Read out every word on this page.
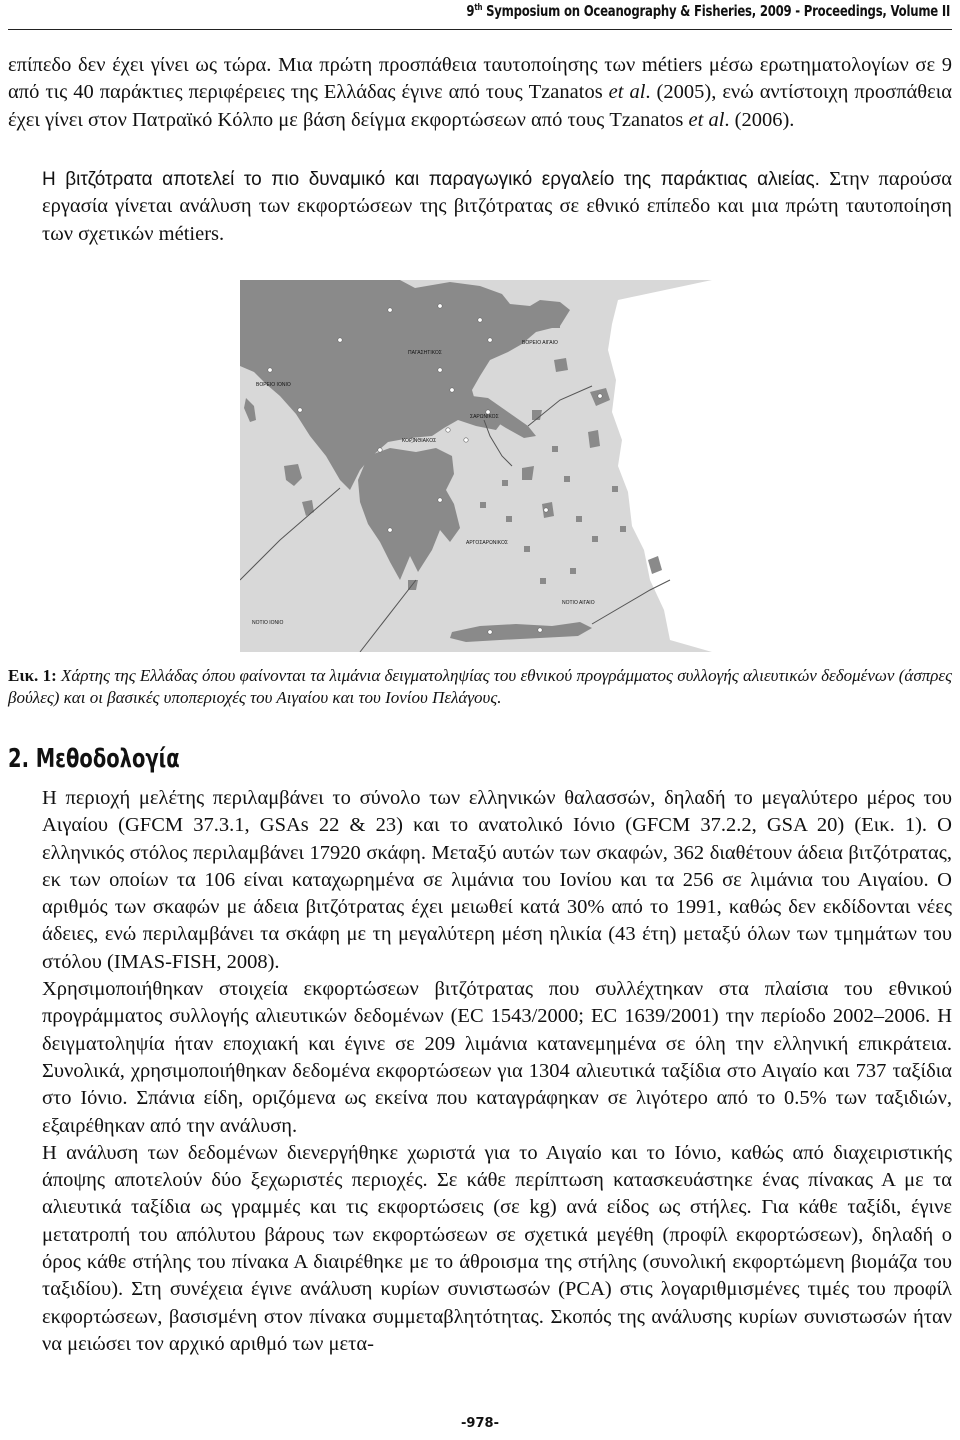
9th Symposium on Oceanography & Fisheries, 2009 - Proceedings, Volume II

επίπεδο δεν έχει γίνει ως τώρα. Μια πρώτη προσπάθεια ταυτοποίησης των métiers μέσω ερωτηματολογίων σε 9 από τις 40 παράκτιες περιφέρειες της Ελλάδας έγινε από τους Tzanatos et al. (2005), ενώ αντίστοιχη προσπάθεια έχει γίνει στον Πατραϊκό Κόλπο με βάση δείγμα εκφορτώσεων από τους Tzanatos et al. (2006).

Η βιτζότρατα αποτελεί το πιο δυναμικό και παραγωγικό εργαλείο της παράκτιας αλιείας. Στην παρούσα εργασία γίνεται ανάλυση των εκφορτώσεων της βιτζότρατας σε εθνικό επίπεδο και μια πρώτη ταυτοποίηση των σχετικών métiers.

ΒΟΡΕΙΟ ΙΟΝΙΟ
ΒΟΡΕΙΟ ΑΙΓΑΙΟ
ΠΑΓΑΣΗΤΙΚΟΣ
ΚΟΡΙΝΘΙΑΚΟΣ
ΣΑΡΩΝΙΚΟΣ
ΑΡΓΟΣΑΡΩΝΙΚΟΣ
ΝΟΤΙΟ ΙΟΝΙΟ
ΝΟΤΙΟ ΑΙΓΑΙΟ

Εικ. 1: Χάρτης της Ελλάδας όπου φαίνονται τα λιμάνια δειγματοληψίας του εθνικού προγράμματος συλλογής αλιευτικών δεδομένων (άσπρες βούλες) και οι βασικές υποπεριοχές του Αιγαίου και του Ιονίου Πελάγους.

2. Μεθοδολογία

Η περιοχή μελέτης περιλαμβάνει το σύνολο των ελληνικών θαλασσών, δηλαδή το μεγαλύτερο μέρος του Αιγαίου (GFCM 37.3.1, GSAs 22 & 23) και το ανατολικό Ιόνιο (GFCM 37.2.2, GSA 20) (Εικ. 1). Ο ελληνικός στόλος περιλαμβάνει 17920 σκάφη. Μεταξύ αυτών των σκαφών, 362 διαθέτουν άδεια βιτζότρατας, εκ των οποίων τα 106 είναι καταχωρημένα σε λιμάνια του Ιονίου και τα 256 σε λιμάνια του Αιγαίου. Ο αριθμός των σκαφών με άδεια βιτζότρατας έχει μειωθεί κατά 30% από το 1991, καθώς δεν εκδίδονται νέες άδειες, ενώ περιλαμβάνει τα σκάφη με τη μεγαλύτερη μέση ηλικία (43 έτη) μεταξύ όλων των τμημάτων του στόλου (IMAS-FISH, 2008).

Χρησιμοποιήθηκαν στοιχεία εκφορτώσεων βιτζότρατας που συλλέχτηκαν στα πλαίσια του εθνικού προγράμματος συλλογής αλιευτικών δεδομένων (EC 1543/2000; EC 1639/2001) την περίοδο 2002–2006. Η δειγματοληψία ήταν εποχιακή και έγινε σε 209 λιμάνια κατανεμημένα σε όλη την ελληνική επικράτεια. Συνολικά, χρησιμοποιήθηκαν δεδομένα εκφορτώσεων για 1304 αλιευτικά ταξίδια στο Αιγαίο και 737 ταξίδια στο Ιόνιο. Σπάνια είδη, οριζόμενα ως εκείνα που καταγράφηκαν σε λιγότερο από το 0.5% των ταξιδιών, εξαιρέθηκαν από την ανάλυση.

Η ανάλυση των δεδομένων διενεργήθηκε χωριστά για το Αιγαίο και το Ιόνιο, καθώς από διαχειριστικής άποψης αποτελούν δύο ξεχωριστές περιοχές. Σε κάθε περίπτωση κατασκευάστηκε ένας πίνακας Α με τα αλιευτικά ταξίδια ως γραμμές και τις εκφορτώσεις (σε kg) ανά είδος ως στήλες. Για κάθε ταξίδι, έγινε μετατροπή του απόλυτου βάρους των εκφορτώσεων σε σχετικά μεγέθη (προφίλ εκφορτώσεων), δηλαδή ο όρος κάθε στήλης του πίνακα Α διαιρέθηκε με το άθροισμα της στήλης (συνολική εκφορτώμενη βιομάζα του ταξιδίου). Στη συνέχεια έγινε ανάλυση κυρίων συνιστωσών (PCA) στις λογαριθμισμένες τιμές του προφίλ εκφορτώσεων, βασισμένη στον πίνακα συμμεταβλητότητας. Σκοπός της ανάλυσης κυρίων συνιστωσών ήταν να μειώσει τον αρχικό αριθμό των μετα-

-978-
